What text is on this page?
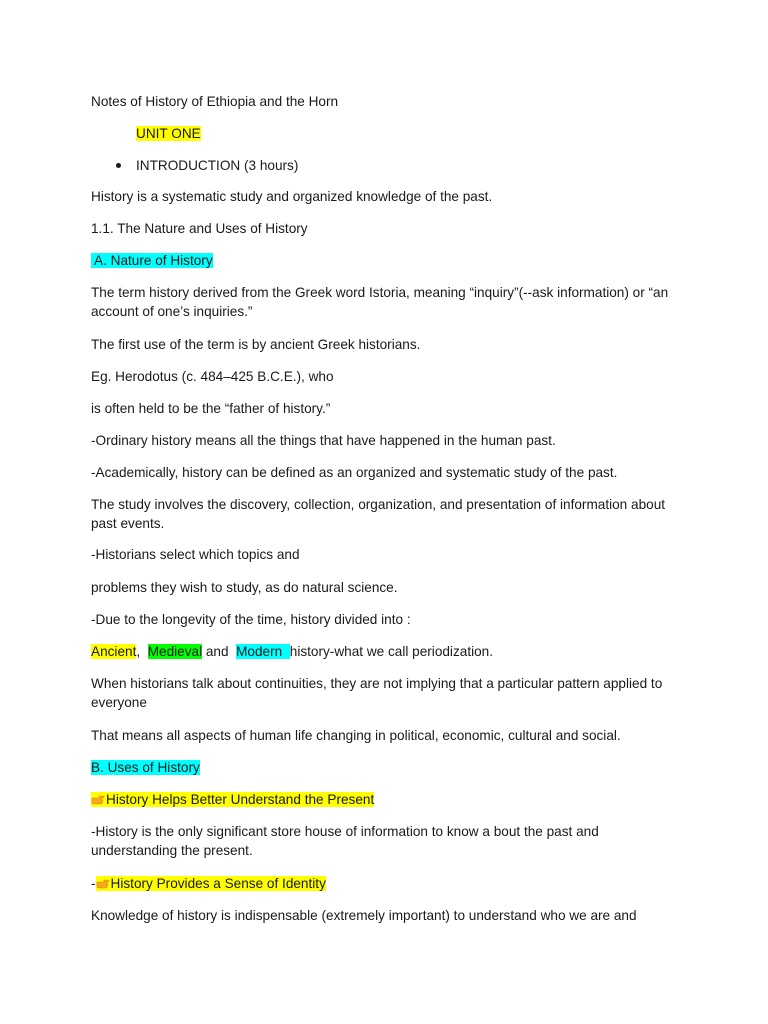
Notes of History of Ethiopia and the Horn
UNIT ONE
INTRODUCTION (3 hours)
History is a systematic study and organized knowledge of the past.
1.1. The Nature and Uses of History
A. Nature of History
The term history derived from the Greek word Istoria, meaning “inquiry”(--ask information) or “an
account of one’s inquiries.”
The first use of the term is by ancient Greek historians.
Eg. Herodotus (c. 484–425 B.C.E.), who
is often held to be the “father of history.”
-Ordinary history means all the things that have happened in the human past.
-Academically, history can be defined as an organized and systematic study of the past.
The study involves the discovery, collection, organization, and presentation of information about
past events.
-Historians select which topics and
problems they wish to study, as do natural science.
-Due to the longevity of the time, history divided into :
Ancient,  Medieval and  Modern  history-what we call periodization.
When historians talk about continuities, they are not implying that a particular pattern applied to
everyone
That means all aspects of human life changing in political, economic, cultural and social.
B. Uses of History
History Helps Better Understand the Present
-History is the only significant store house of information to know a bout the past and
understanding the present.
- History Provides a Sense of Identity
Knowledge of history is indispensable (extremely important) to understand who we are and
